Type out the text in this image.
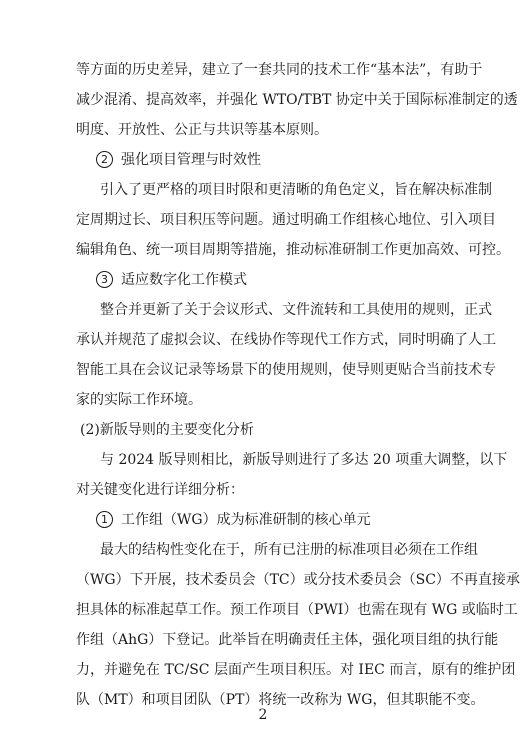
等方面的历史差异，建立了一套共同的技术工作“基本法”，有助于
减少混淆、提高效率，并强化 WTO/TBT 协定中关于国际标准制定的透
明度、开放性、公正与共识等基本原则。
2 强化项目管理与时效性
引入了更严格的项目时限和更清晰的角色定义，旨在解决标准制
定周期过长、项目积压等问题。通过明确工作组核心地位、引入项目
编辑角色、统一项目周期等措施，推动标准研制工作更加高效、可控。
3 适应数字化工作模式
整合并更新了关于会议形式、文件流转和工具使用的规则，正式
承认并规范了虚拟会议、在线协作等现代工作方式，同时明确了人工
智能工具在会议记录等场景下的使用规则，使导则更贴合当前技术专
家的实际工作环境。
(2)新版导则的主要变化分析
与 2024 版导则相比，新版导则进行了多达 20 项重大调整，以下
对关键变化进行详细分析：
1 工作组（WG）成为标准研制的核心单元
最大的结构性变化在于，所有已注册的标准项目必须在工作组
（WG）下开展，技术委员会（TC）或分技术委员会（SC）不再直接承
担具体的标准起草工作。预工作项目（PWI）也需在现有 WG 或临时工
作组（AhG）下登记。此举旨在明确责任主体，强化项目组的执行能
力，并避免在 TC/SC 层面产生项目积压。对 IEC 而言，原有的维护团
队（MT）和项目团队（PT）将统一改称为 WG，但其职能不变。
2
